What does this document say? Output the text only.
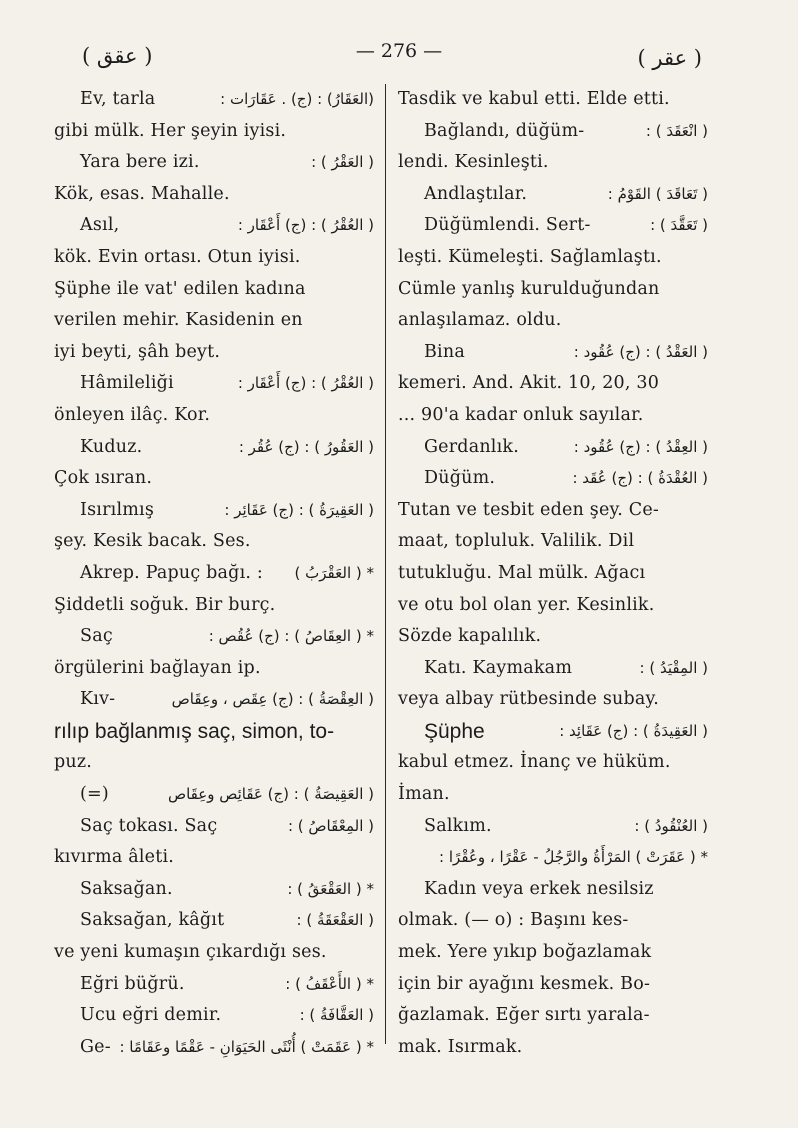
( عقق )	— 276 —	( عقر )
Ev, tarla	(العَقَارُ) : (ج) . عَقَارَات :
gibi mülk. Her şeyin iyisi.
Yara bere izi.	( العَقْرُ ) :
Kök, esas. Mahalle.
Asıl,	( العُقْرُ ) : (ج) أَعْقَار :
kök. Evin ortası. Otun iyisi.
Şüphe ile vat' edilen kadına
verilen mehir. Kasidenin en
iyi beyti, şâh beyt.
Hâmileliği	( العُقْرُ ) : (ج) أَعْقَار :
önleyen ilâç. Kor.
Kuduz.	( العَقُورُ ) : (ج) عُقُر :
Çok ısıran.
Isırılmış	( العَقِيرَةُ ) : (ج) عَقَائِر :
şey. Kesik bacak. Ses.
Akrep. Papuç bağı. : * ( العَقْرَبُ )
Şiddetli soğuk. Bir burç.
Saç	* ( العِقَاصُ ) : (ج) عُقُص :
örgülerini bağlayan ip.
Kıv-	( العِقْصَةُ ) : (ج) عِقَص ، وعِقَاص
rılıp bağlanmış saç, simon, to-
puz.
(=)	( العَقِيصَةُ ) : (ج) عَقَائِص وعِقَاص
Saç tokası. Saç	( المِعْقَاصُ ) :
kıvırma âleti.
Saksağan.	* ( العَقْعَقُ ) :
Saksağan, kâğıt	( العَقْعَقَةُ ) :
ve yeni kumaşın çıkardığı ses.
Eğri büğrü.	* ( الأَعْقَفُ ) :
Ucu eğri demir.	( العَقَّافَةُ ) :
Ge- * ( عَقَمَتْ ) أُنْثَى الحَيَوَانِ - عَقْمًا وعَقَامًا :
Tasdik ve kabul etti. Elde etti.
Bağlandı, düğüm-	( انْعَقَدَ ) :
lendi. Kesinleşti.
Andlaştılar.	( تَعَاقَدَ ) القَوْمُ :
Düğümlendi. Sert-	( تَعَقَّدَ ) :
leşti. Kümeleşti. Sağlamlaştı.
Cümle yanlış kurulduğundan
anlaşılamaz. oldu.
Bina	( العَقْدُ ) : (ج) عُقُود :
kemeri. And. Akit. 10, 20, 30
... 90'a kadar onluk sayılar.
Gerdanlık.	( العِقْدُ ) : (ج) عُقُود :
Düğüm.	( العُقْدَةُ ) : (ج) عُقَد :
Tutan ve tesbit eden şey. Ce-
maat, topluluk. Valilik. Dil
tutukluğu. Mal mülk. Ağacı
ve otu bol olan yer. Kesinlik.
Sözde kapalılık.
Katı. Kaymakam	( المِقْيَدُ ) :
veya albay rütbesinde subay.
Şüphe	( العَقِيدَةُ ) : (ج) عَقَائِد :
kabul etmez. İnanç ve hüküm.
İman.
Salkım.	( العُنْقُودُ ) :
* ( عَقَرَتْ ) المَرْأَةُ والرَّجُلُ - عَقْرًا ، وعُقْرًا :
Kadın veya erkek nesilsiz
olmak. (— o) : Başını kes-
mek. Yere yıkıp boğazlamak
için bir ayağını kesmek. Bo-
ğazlamak. Eğer sırtı yarala-
mak. Isırmak.
